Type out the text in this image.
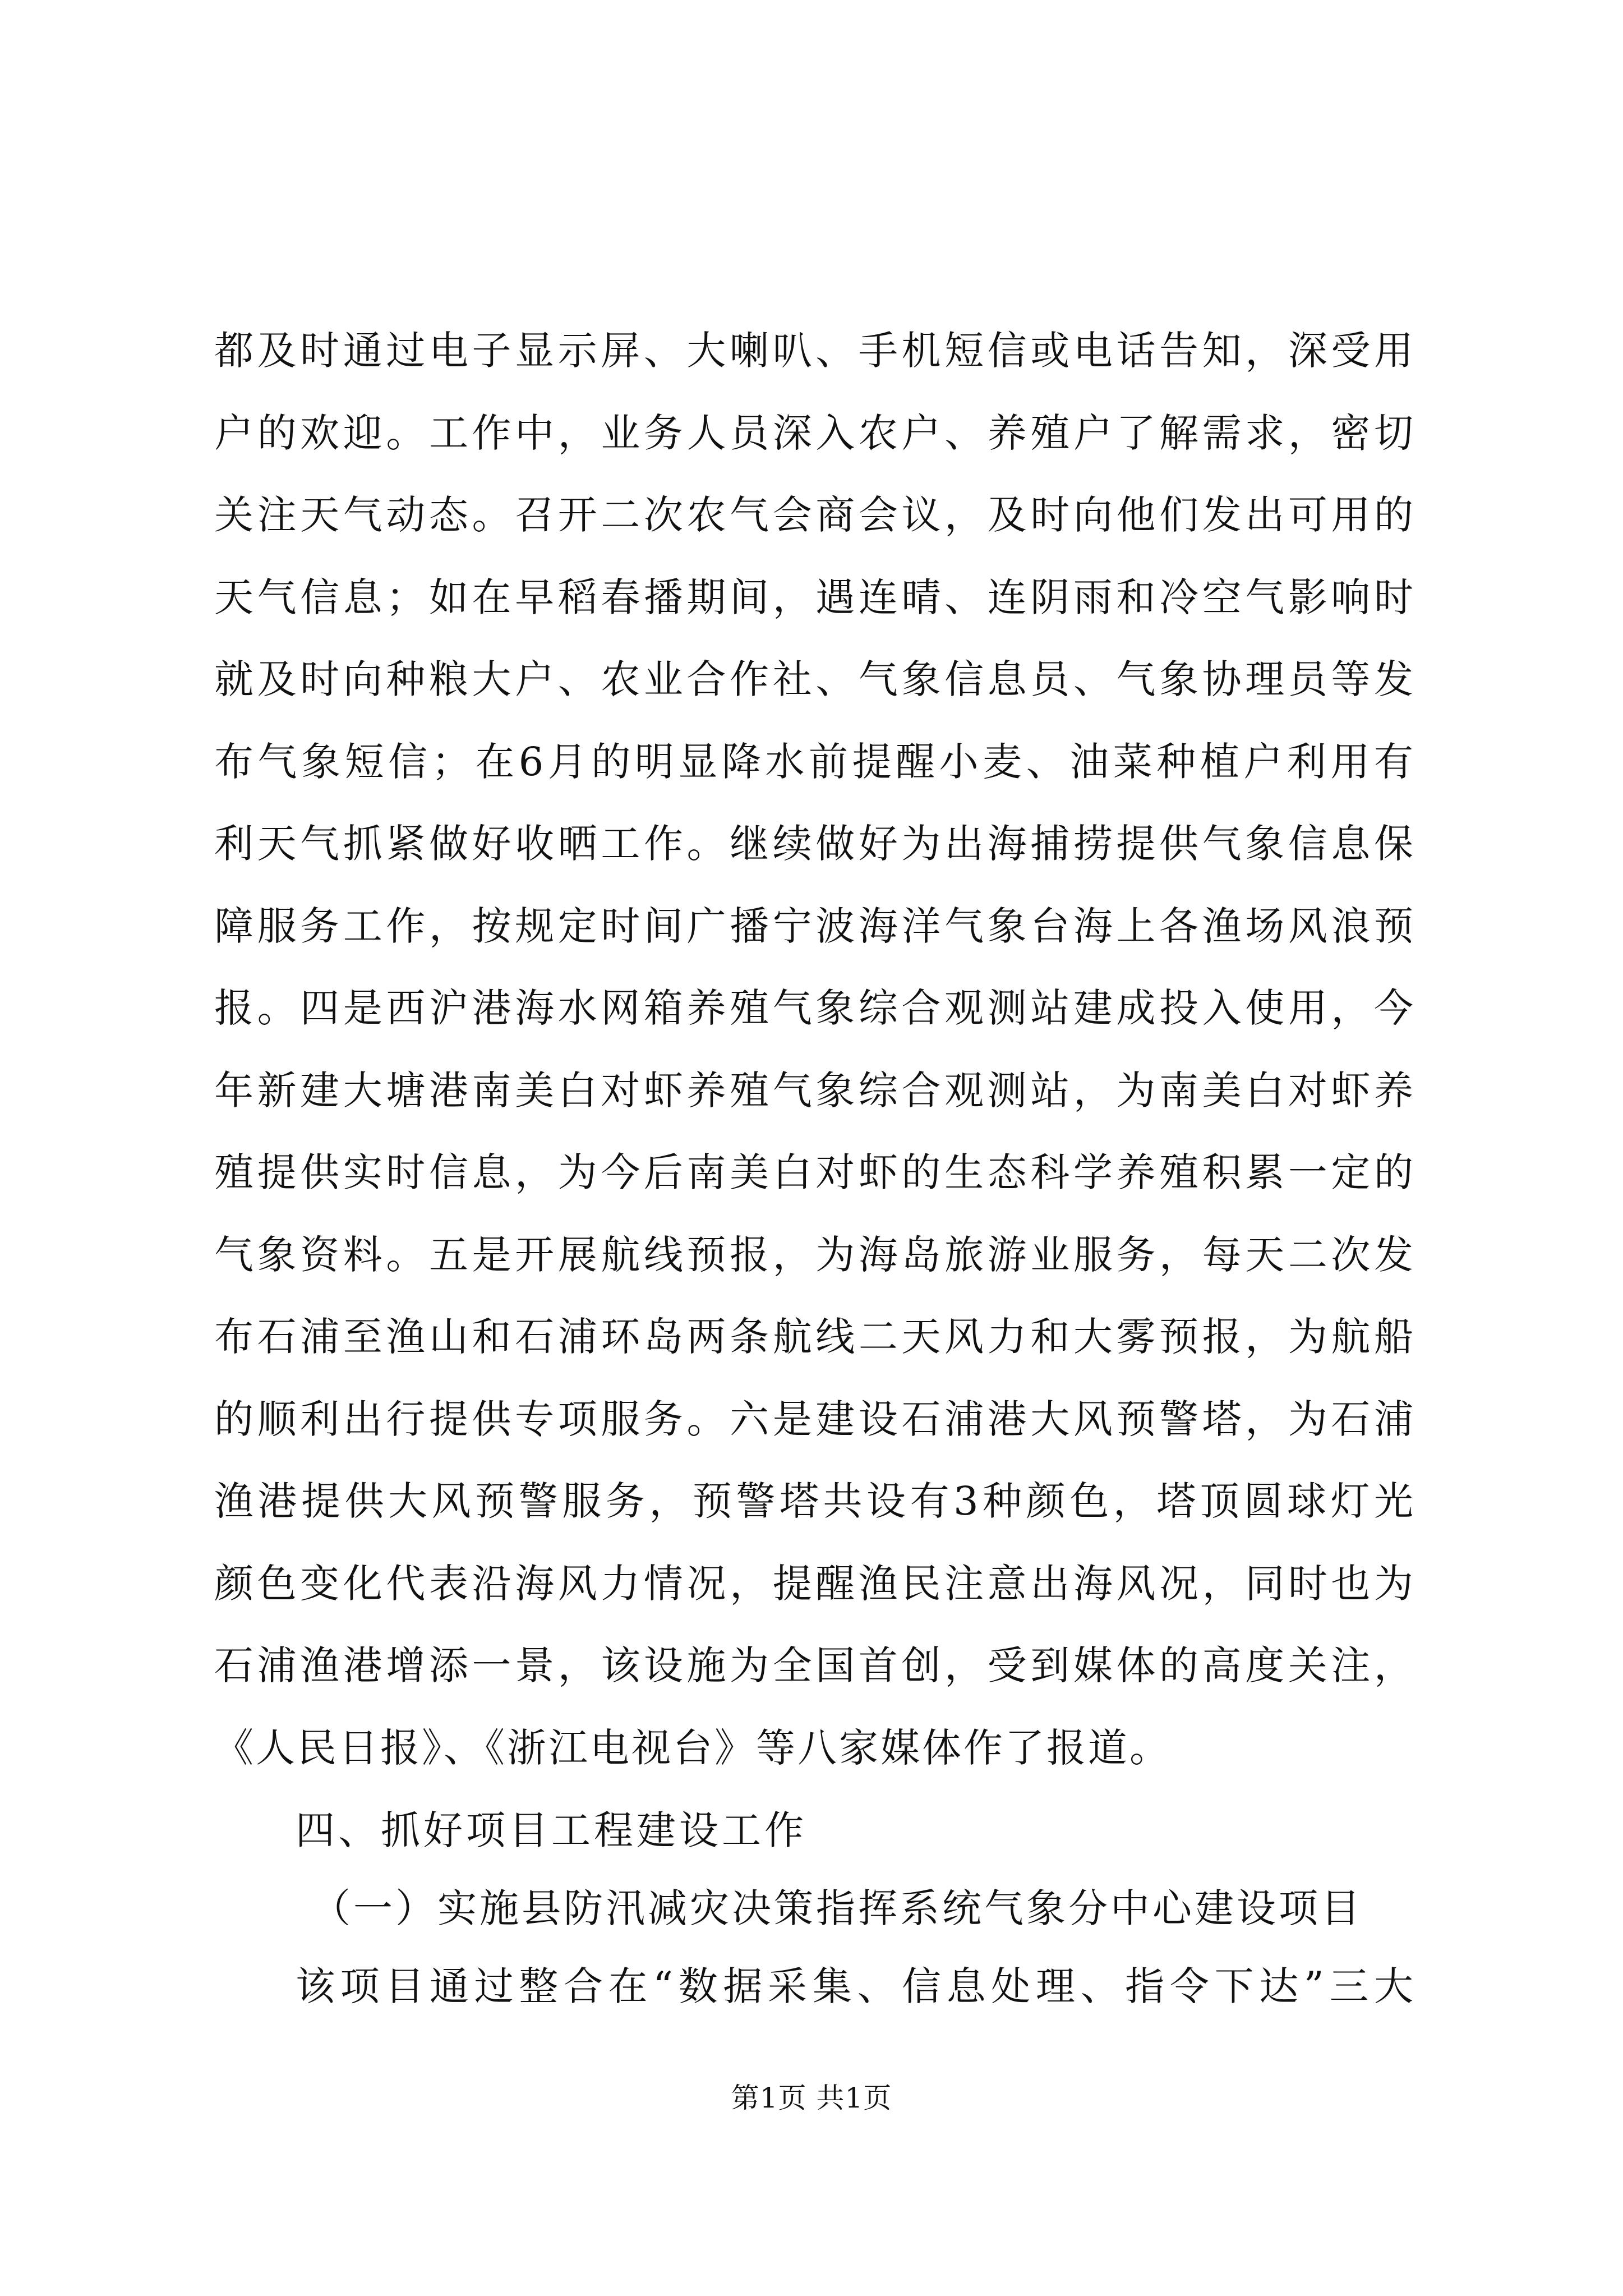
都及时通过电子显示屏、大喇叭、手机短信或电话告知，深受用
户的欢迎。工作中，业务人员深入农户、养殖户了解需求，密切
关注天气动态。召开二次农气会商会议，及时向他们发出可用的
天气信息；如在早稻春播期间，遇连晴、连阴雨和冷空气影响时
就及时向种粮大户、农业合作社、气象信息员、气象协理员等发
布气象短信；在6月的明显降水前提醒小麦、油菜种植户利用有
利天气抓紧做好收晒工作。继续做好为出海捕捞提供气象信息保
障服务工作，按规定时间广播宁波海洋气象台海上各渔场风浪预
报。四是西沪港海水网箱养殖气象综合观测站建成投入使用，今
年新建大塘港南美白对虾养殖气象综合观测站，为南美白对虾养
殖提供实时信息，为今后南美白对虾的生态科学养殖积累一定的
气象资料。五是开展航线预报，为海岛旅游业服务，每天二次发
布石浦至渔山和石浦环岛两条航线二天风力和大雾预报，为航船
的顺利出行提供专项服务。六是建设石浦港大风预警塔，为石浦
渔港提供大风预警服务，预警塔共设有3种颜色，塔顶圆球灯光
颜色变化代表沿海风力情况，提醒渔民注意出海风况，同时也为
石浦渔港增添一景，该设施为全国首创，受到媒体的高度关注，
《人民日报》、《浙江电视台》等八家媒体作了报道。
四、抓好项目工程建设工作
（一）实施县防汛减灾决策指挥系统气象分中心建设项目
该项目通过整合在“数据采集、信息处理、指令下达”三大
第1页 共1页
